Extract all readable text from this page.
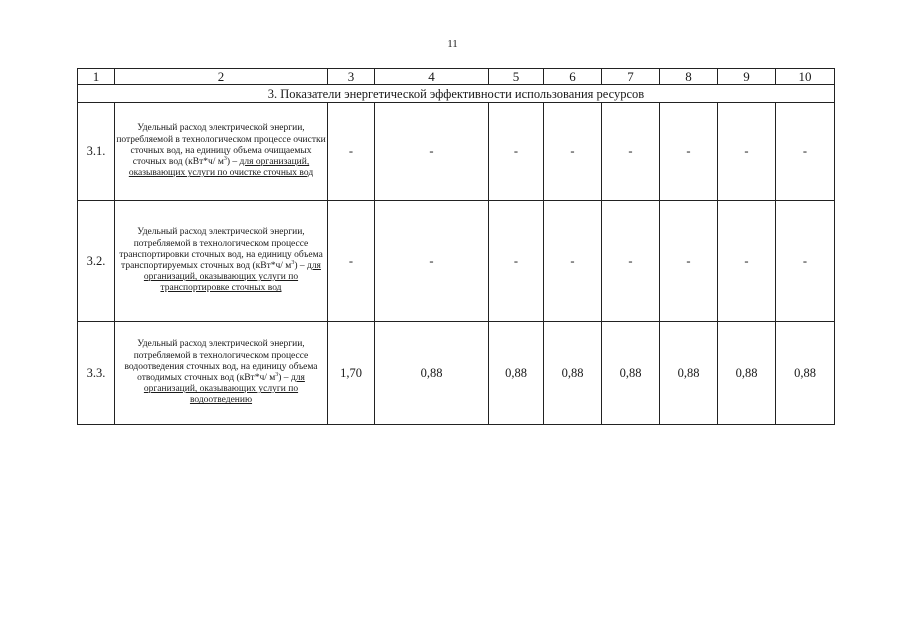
11
1	2	3	4	5	6	7	8	9	10
3. Показатели энергетической эффективности использования ресурсов									
3.1.	Удельный расход электрической энергии, потребляемой в технологическом процессе очистки сточных вод, на единицу объема очищаемых сточных вод (кВт*ч/ $м^3$) – для организаций, оказывающих услуги по очистке сточных вод	-	-	-	-	-	-	-	-
3.2.	Удельный расход электрической энергии, потребляемой в технологическом процессе транспортировки сточных вод, на единицу объема транспортируемых сточных вод (кВт*ч/ $м^3$) – для организаций, оказывающих услуги по транспортировке сточных вод	-	-	-	-	-	-	-	-
3.3.	Удельный расход электрической энергии, потребляемой в технологическом процессе водоотведения сточных вод, на единицу объема отводимых сточных вод (кВт*ч/ $м^3$) – для организаций, оказывающих услуги по водоотведению	1,70	0,88	0,88	0,88	0,88	0,88	0,88	0,88
